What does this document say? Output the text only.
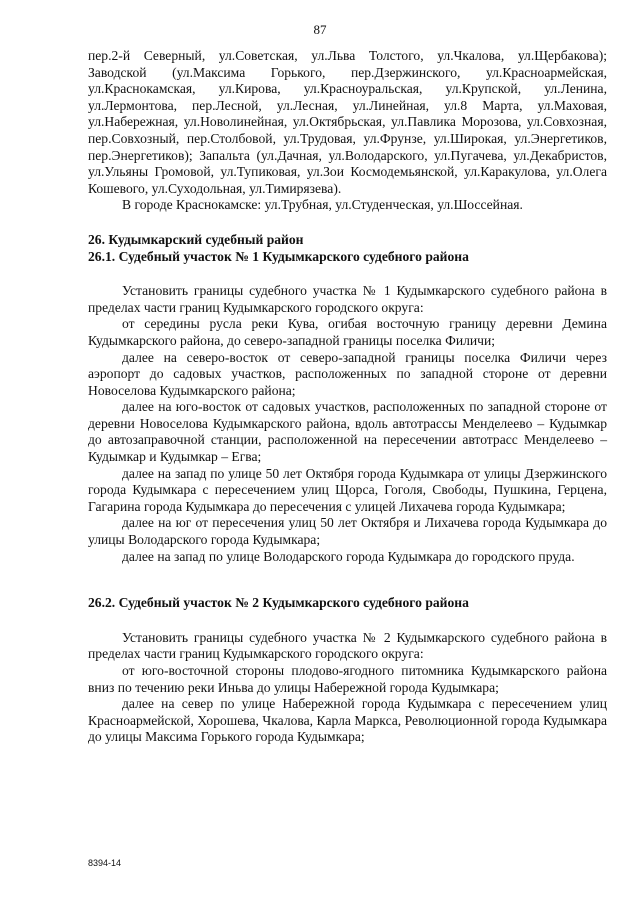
87

пер.2-й Северный, ул.Советская, ул.Льва Толстого, ул.Чкалова, ул.Щербакова); Заводской (ул.Максима Горького, пер.Дзержинского, ул.Красноармейская, ул.Краснокамская, ул.Кирова, ул.Красноуральская, ул.Крупской, ул.Ленина, ул.Лермонтова, пер.Лесной, ул.Лесная, ул.Линейная, ул.8 Марта, ул.Маховая, ул.Набережная, ул.Новолинейная, ул.Октябрьская, ул.Павлика Морозова, ул.Совхозная, пер.Совхозный, пер.Столбовой, ул.Трудовая, ул.Фрунзе, ул.Широкая, ул.Энергетиков, пер.Энергетиков); Запальта (ул.Дачная, ул.Володарского, ул.Пугачева, ул.Декабристов, ул.Ульяны Громовой, ул.Тупиковая, ул.Зои Космодемьянской, ул.Каракулова, ул.Олега Кошевого, ул.Суходольная, ул.Тимирязева).

В городе Краснокамске: ул.Трубная, ул.Студенческая, ул.Шоссейная.

26. Кудымкарский судебный район

26.1. Судебный участок № 1 Кудымкарского судебного района

Установить границы судебного участка № 1 Кудымкарского судебного района в пределах части границ Кудымкарского городского округа:

от середины русла реки Кува, огибая восточную границу деревни Демина Кудымкарского района, до северо-западной границы поселка Филичи;

далее на северо-восток от северо-западной границы поселка Филичи через аэропорт до садовых участков, расположенных по западной стороне от деревни Новоселова Кудымкарского района;

далее на юго-восток от садовых участков, расположенных по западной стороне от деревни Новоселова Кудымкарского района, вдоль автотрассы Менделеево – Кудымкар до автозаправочной станции, расположенной на пересечении автотрасс Менделеево – Кудымкар и Кудымкар – Егва;

далее на запад по улице 50 лет Октября города Кудымкара от улицы Дзержинского города Кудымкара с пересечением улиц Щорса, Гоголя, Свободы, Пушкина, Герцена, Гагарина города Кудымкара до пересечения с улицей Лихачева города Кудымкара;

далее на юг от пересечения улиц 50 лет Октября и Лихачева города Кудымкара до улицы Володарского города Кудымкара;

далее на запад по улице Володарского города Кудымкара до городского пруда.

26.2. Судебный участок № 2 Кудымкарского судебного района

Установить границы судебного участка № 2 Кудымкарского судебного района в пределах части границ Кудымкарского городского округа:

от юго-восточной стороны плодово-ягодного питомника Кудымкарского района вниз по течению реки Иньва до улицы Набережной города Кудымкара;

далее на север по улице Набережной города Кудымкара с пересечением улиц Красноармейской, Хорошева, Чкалова, Карла Маркса, Революционной города Кудымкара до улицы Максима Горького города Кудымкара;

8394-14
